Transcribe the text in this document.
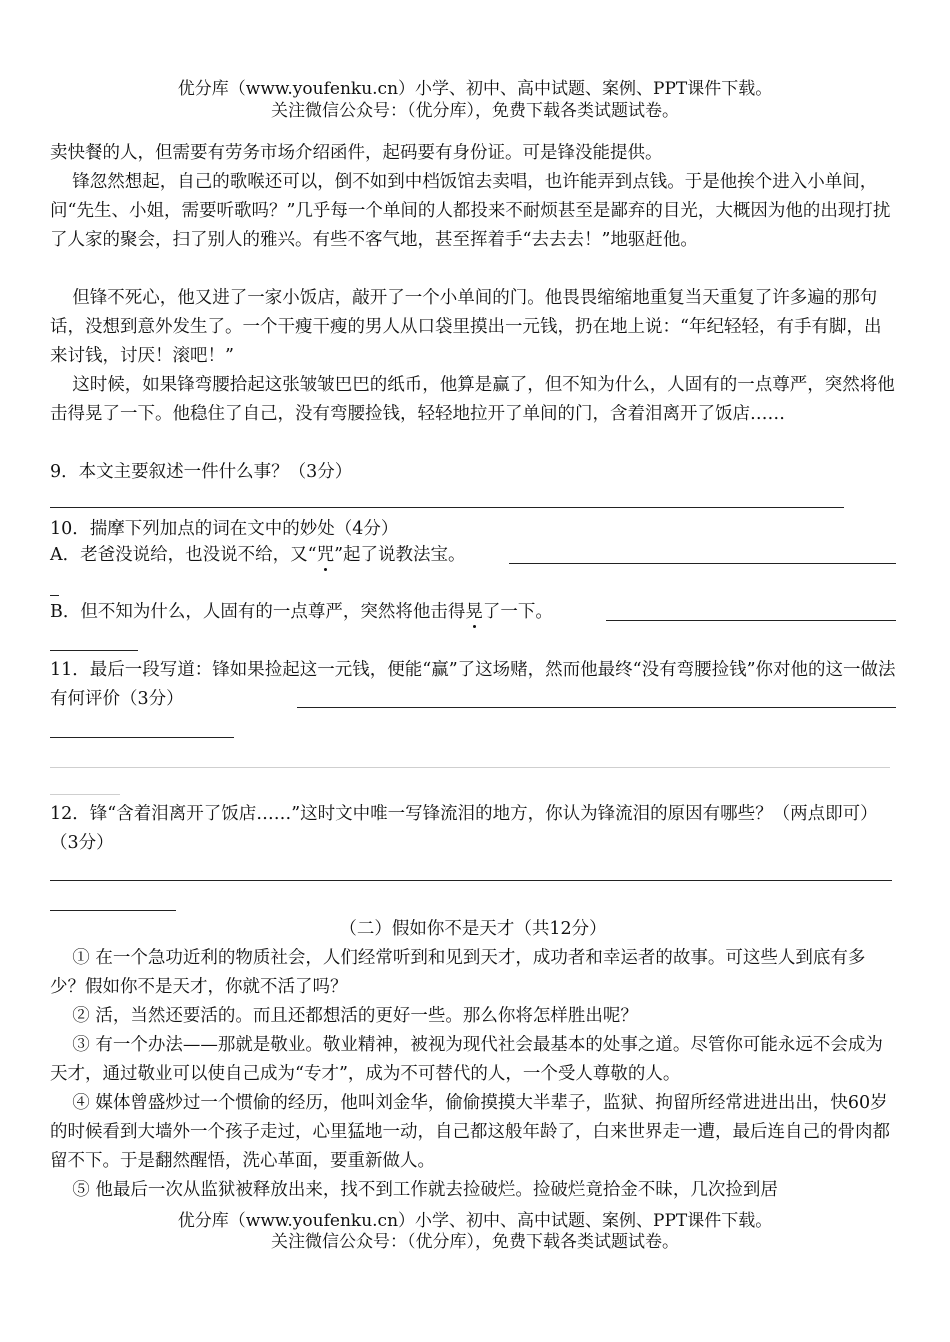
优分库（www.youfenku.cn）小学、初中、高中试题、案例、PPT课件下载。
关注微信公众号：（优分库），免费下载各类试题试卷。
卖快餐的人，但需要有劳务市场介绍函件，起码要有身份证。可是锋没能提供。
锋忽然想起，自己的歌喉还可以，倒不如到中档饭馆去卖唱，也许能弄到点钱。于是他挨个进入小单间，问“先生、小姐，需要听歌吗？”几乎每一个单间的人都投来不耐烦甚至是鄙弃的目光，大概因为他的出现打扰了人家的聚会，扫了别人的雅兴。有些不客气地，甚至挥着手“去去去！”地驱赶他。
但锋不死心，他又进了一家小饭店，敲开了一个小单间的门。他畏畏缩缩地重复当天重复了许多遍的那句话，没想到意外发生了。一个干瘦干瘦的男人从口袋里摸出一元钱，扔在地上说：“年纪轻轻，有手有脚，出来讨钱，讨厌！滚吧！”
这时候，如果锋弯腰拾起这张皱皱巴巴的纸币，他算是赢了，但不知为什么，人固有的一点尊严，突然将他击得晃了一下。他稳住了自己，没有弯腰捡钱，轻轻地拉开了单间的门，含着泪离开了饭店……
9．本文主要叙述一件什么事？（3分）
10．揣摩下列加点的词在文中的妙处（4分）
A．老爸没说给，也没说不给，又“咒”起了说教法宝。
B．但不知为什么，人固有的一点尊严，突然将他击得晃了一下。
11．最后一段写道：锋如果捡起这一元钱，便能“赢”了这场赌，然而他最终“没有弯腰捡钱”你对他的这一做法有何评价（3分）
12．锋“含着泪离开了饭店……”这时文中唯一写锋流泪的地方，你认为锋流泪的原因有哪些？（两点即可）（3分）
（二）假如你不是天才（共12分）
① 在一个急功近利的物质社会，人们经常听到和见到天才，成功者和幸运者的故事。可这些人到底有多少？假如你不是天才，你就不活了吗？
② 活，当然还要活的。而且还都想活的更好一些。那么你将怎样胜出呢？
③ 有一个办法——那就是敬业。敬业精神，被视为现代社会最基本的处事之道。尽管你可能永远不会成为天才，通过敬业可以使自己成为“专才”，成为不可替代的人，一个受人尊敬的人。
④ 媒体曾盛炒过一个惯偷的经历，他叫刘金华，偷偷摸摸大半辈子，监狱、拘留所经常进进出出，快60岁的时候看到大墙外一个孩子走过，心里猛地一动，自己都这般年龄了，白来世界走一遭，最后连自己的骨肉都留不下。于是翻然醒悟，洗心革面，要重新做人。
⑤ 他最后一次从监狱被释放出来，找不到工作就去捡破烂。捡破烂竟拾金不昧，几次捡到居
优分库（www.youfenku.cn）小学、初中、高中试题、案例、PPT课件下载。
关注微信公众号：（优分库），免费下载各类试题试卷。
